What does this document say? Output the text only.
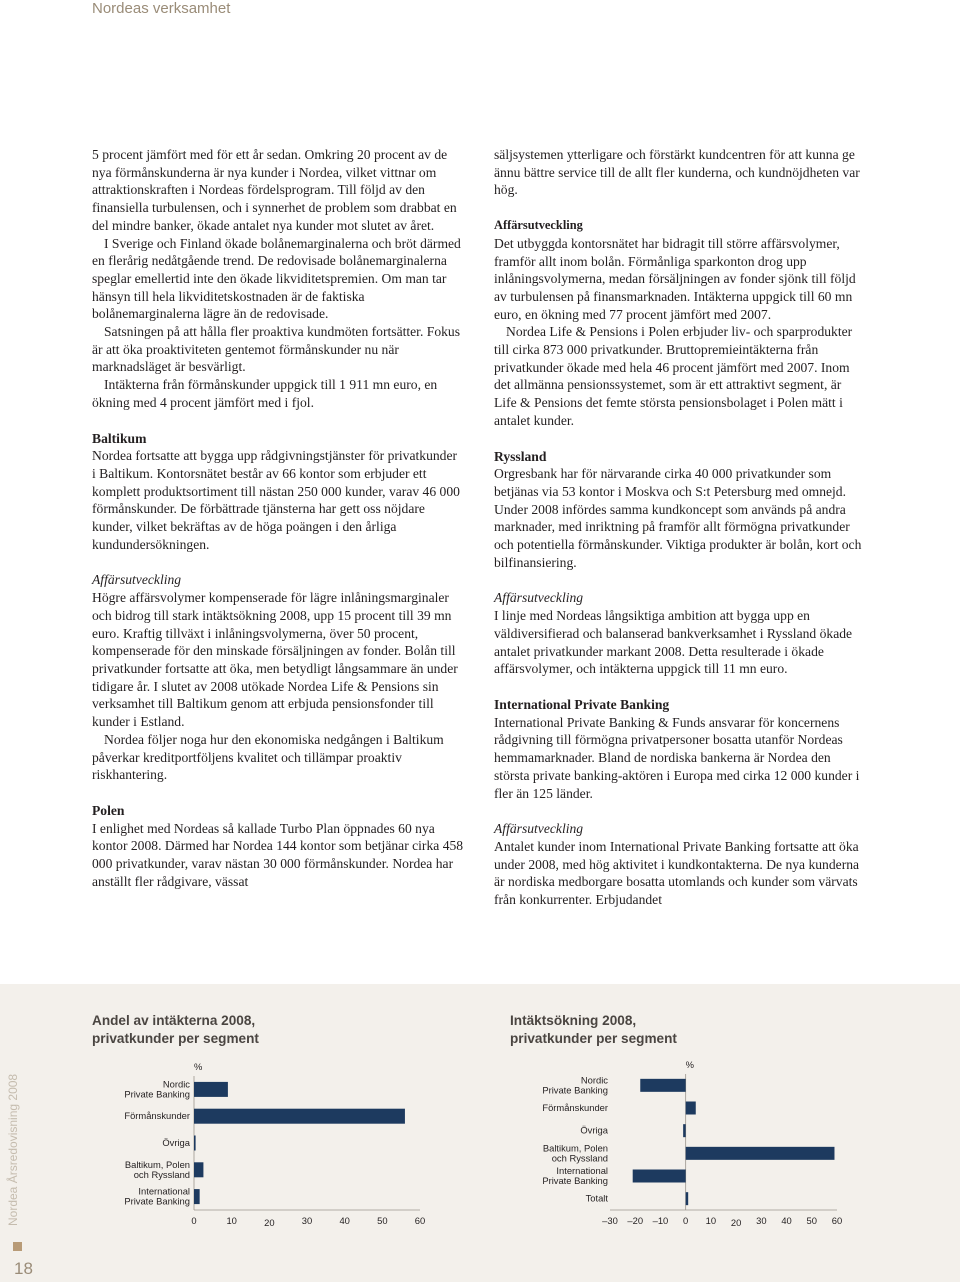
Nordeas verksamhet

5 procent jämfört med för ett år sedan. Omkring 20 procent av de nya förmånskunderna är nya kunder i Nordea, vilket vittnar om attraktionskraften i Nordeas fördelsprogram. Till följd av den finansiella turbulensen, och i synnerhet de problem som drabbat en del mindre banker, ökade antalet nya kunder mot slutet av året.

I Sverige och Finland ökade bolånemarginalerna och bröt därmed en flerårig nedåtgående trend. De redovisade bolånemarginalerna speglar emellertid inte den ökade likviditetspremien. Om man tar hänsyn till hela likviditetskostnaden är de faktiska bolånemarginalerna lägre än de redovisade.

Satsningen på att hålla fler proaktiva kundmöten fortsätter. Fokus är att öka proaktiviteten gentemot förmånskunder nu när marknadsläget är besvärligt.

Intäkterna från förmånskunder uppgick till 1 911 mn euro, en ökning med 4 procent jämfört med i fjol.

Baltikum

Nordea fortsatte att bygga upp rådgivningstjänster för privatkunder i Baltikum. Kontorsnätet består av 66 kontor som erbjuder ett komplett produktsortiment till nästan 250 000 kunder, varav 46 000 förmånskunder. De förbättrade tjänsterna har gett oss nöjdare kunder, vilket bekräftas av de höga poängen i den årliga kundundersökningen.

Affärsutveckling

Högre affärsvolymer kompenserade för lägre inlåningsmarginaler och bidrog till stark intäktsökning 2008, upp 15 procent till 39 mn euro. Kraftig tillväxt i inlåningsvolymerna, över 50 procent, kompenserade för den minskade försäljningen av fonder. Bolån till privatkunder fortsatte att öka, men betydligt långsammare än under tidigare år. I slutet av 2008 utökade Nordea Life & Pensions sin verksamhet till Baltikum genom att erbjuda pensionsfonder till kunder i Estland.

Nordea följer noga hur den ekonomiska nedgången i Baltikum påverkar kreditportföljens kvalitet och tillämpar proaktiv riskhantering.

Polen

I enlighet med Nordeas så kallade Turbo Plan öppnades 60 nya kontor 2008. Därmed har Nordea 144 kontor som betjänar cirka 458 000 privatkunder, varav nästan 30 000 förmånskunder. Nordea har anställt fler rådgivare, vässat

säljsystemen ytterligare och förstärkt kundcentren för att kunna ge ännu bättre service till de allt fler kunderna, och kundnöjdheten var hög.

Affärsutveckling

Det utbyggda kontorsnätet har bidragit till större affärsvolymer, framför allt inom bolån. Förmånliga sparkonton drog upp inlåningsvolymerna, medan försäljningen av fonder sjönk till följd av turbulensen på finansmarknaden. Intäkterna uppgick till 60 mn euro, en ökning med 77 procent jämfört med 2007.

Nordea Life & Pensions i Polen erbjuder liv- och sparprodukter till cirka 873 000 privatkunder. Bruttopremieintäkterna från privatkunder ökade med hela 46 procent jämfört med 2007. Inom det allmänna pensionssystemet, som är ett attraktivt segment, är Life & Pensions det femte största pensionsbolaget i Polen mätt i antalet kunder.

Ryssland

Orgresbank har för närvarande cirka 40 000 privatkunder som betjänas via 53 kontor i Moskva och S:t Petersburg med omnejd. Under 2008 infördes samma kundkoncept som används på andra marknader, med inriktning på framför allt förmögna privatkunder och potentiella förmånskunder. Viktiga produkter är bolån, kort och bilfinansiering.

Affärsutveckling

I linje med Nordeas långsiktiga ambition att bygga upp en väldiversifierad och balanserad bankverksamhet i Ryssland ökade antalet privatkunder markant 2008. Detta resulterade i ökade affärsvolymer, och intäkterna uppgick till 11 mn euro.

International Private Banking

International Private Banking & Funds ansvarar för koncernens rådgivning till förmögna privatpersoner bosatta utanför Nordeas hemmamarknader. Bland de nordiska bankerna är Nordea den största private banking-aktören i Europa med cirka 12 000 kunder i fler än 125 länder.

Affärsutveckling

Antalet kunder inom International Private Banking fortsatte att öka under 2008, med hög aktivitet i kundkontakterna. De nya kunderna är nordiska medborgare bosatta utomlands och kunder som värvats från konkurrenter. Erbjudandet

Nordea Årsredovisning 2008
18
Andel av intäkterna 2008,
privatkunder per segment
%
Nordic
Private Banking
Förmånskunder
Övriga
Baltikum, Polen
och Ryssland
International
Private Banking
0	10	20	30	40	50	60
Intäktsökning 2008,
privatkunder per segment
%
Nordic
Private Banking
Förmånskunder
Övriga
Baltikum, Polen
och Ryssland
International
Private Banking
Totalt
–30 –20 –10 0 10 20 30 40 50 60
